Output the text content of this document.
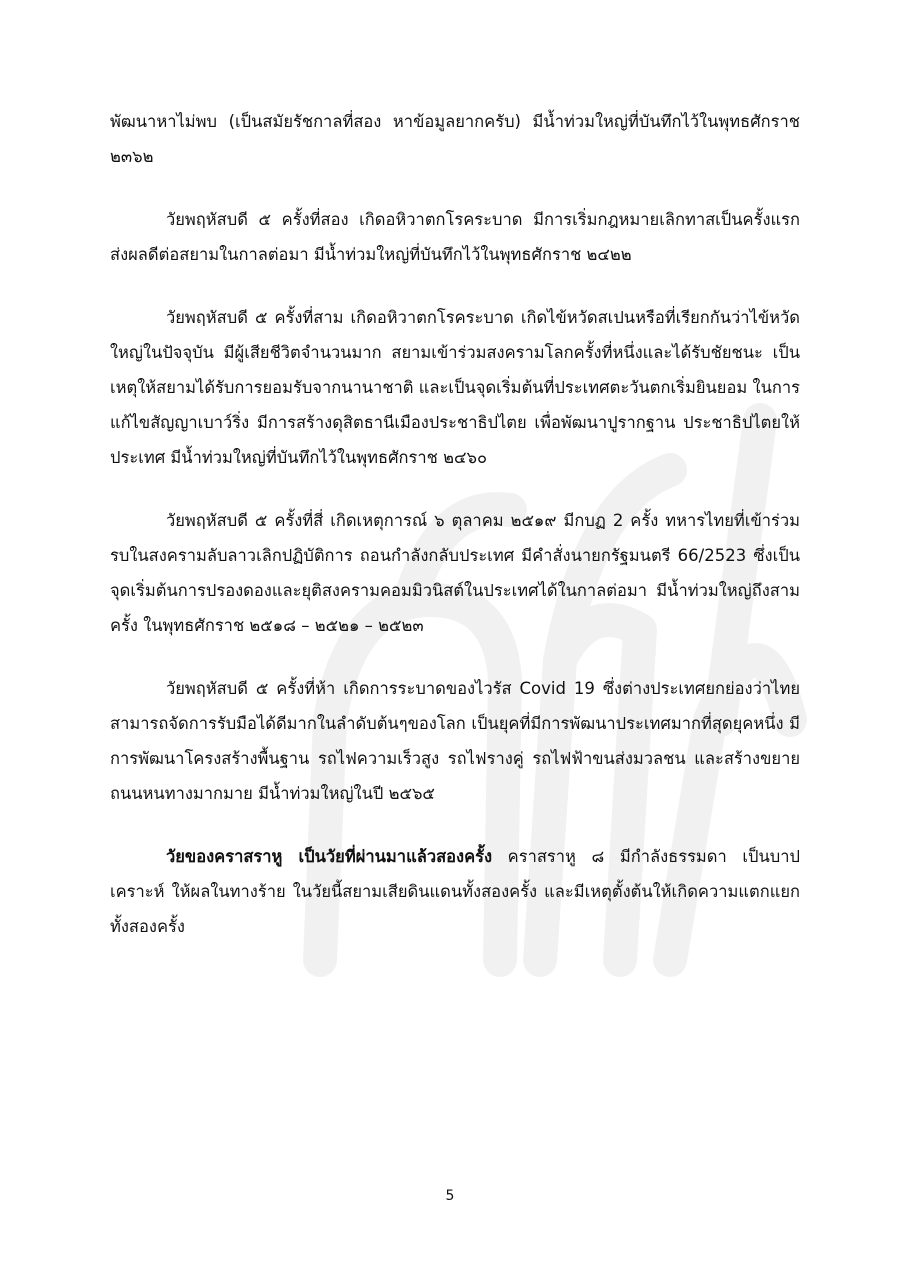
พัฒนาหาไม่พบ (เป็นสมัยรัชกาลที่สอง หาข้อมูลยากครับ) มีน้ำท่วมใหญ่ที่บันทึกไว้ในพุทธศักราช ๒๓๖๒

วัยพฤหัสบดี ๕ ครั้งที่สอง เกิดอหิวาตกโรคระบาด มีการเริ่มกฎหมายเลิกทาสเป็นครั้งแรก ส่งผลดีต่อสยามในกาลต่อมา มีน้ำท่วมใหญ่ที่บันทึกไว้ในพุทธศักราช ๒๔๒๒

วัยพฤหัสบดี ๕ ครั้งที่สาม เกิดอหิวาตกโรคระบาด เกิดไข้หวัดสเปนหรือที่เรียกกันว่าไข้หวัดใหญ่ในปัจจุบัน มีผู้เสียชีวิตจำนวนมาก สยามเข้าร่วมสงครามโลกครั้งที่หนึ่งและได้รับชัยชนะ เป็นเหตุให้สยามได้รับการยอมรับจากนานาชาติ และเป็นจุดเริ่มต้นที่ประเทศตะวันตกเริ่มยินยอม ในการแก้ไขสัญญาเบาว์ริ่ง มีการสร้างดุสิตธานีเมืองประชาธิปไตย เพื่อพัฒนาปูรากฐาน ประชาธิปไตยให้ประเทศ มีน้ำท่วมใหญ่ที่บันทึกไว้ในพุทธศักราช ๒๔๖๐

วัยพฤหัสบดี ๕ ครั้งที่สี่ เกิดเหตุการณ์ ๖ ตุลาคม ๒๕๑๙ มีกบฏ 2 ครั้ง ทหารไทยที่เข้าร่วมรบในสงครามลับลาวเลิกปฏิบัติการ ถอนกำลังกลับประเทศ มีคำสั่งนายกรัฐมนตรี 66/2523 ซึ่งเป็นจุดเริ่มต้นการปรองดองและยุติสงครามคอมมิวนิสต์ในประเทศได้ในกาลต่อมา มีน้ำท่วมใหญ่ถึงสามครั้ง ในพุทธศักราช ๒๕๑๘ – ๒๕๒๑ – ๒๕๒๓

วัยพฤหัสบดี ๕ ครั้งที่ห้า เกิดการระบาดของไวรัส Covid 19 ซึ่งต่างประเทศยกย่องว่าไทยสามารถจัดการรับมือได้ดีมากในลำดับต้นๆของโลก เป็นยุคที่มีการพัฒนาประเทศมากที่สุดยุคหนึ่ง มีการพัฒนาโครงสร้างพื้นฐาน รถไฟความเร็วสูง รถไฟรางคู่ รถไฟฟ้าขนส่งมวลชน และสร้างขยายถนนหนทางมากมาย มีน้ำท่วมใหญ่ในปี ๒๕๖๕

วัยของคราสราหู เป็นวัยที่ผ่านมาแล้วสองครั้ง คราสราหู ๘ มีกำลังธรรมดา เป็นบาปเคราะห์ ให้ผลในทางร้าย ในวัยนี้สยามเสียดินแดนทั้งสองครั้ง และมีเหตุตั้งต้นให้เกิดความแตกแยกทั้งสองครั้ง

5
